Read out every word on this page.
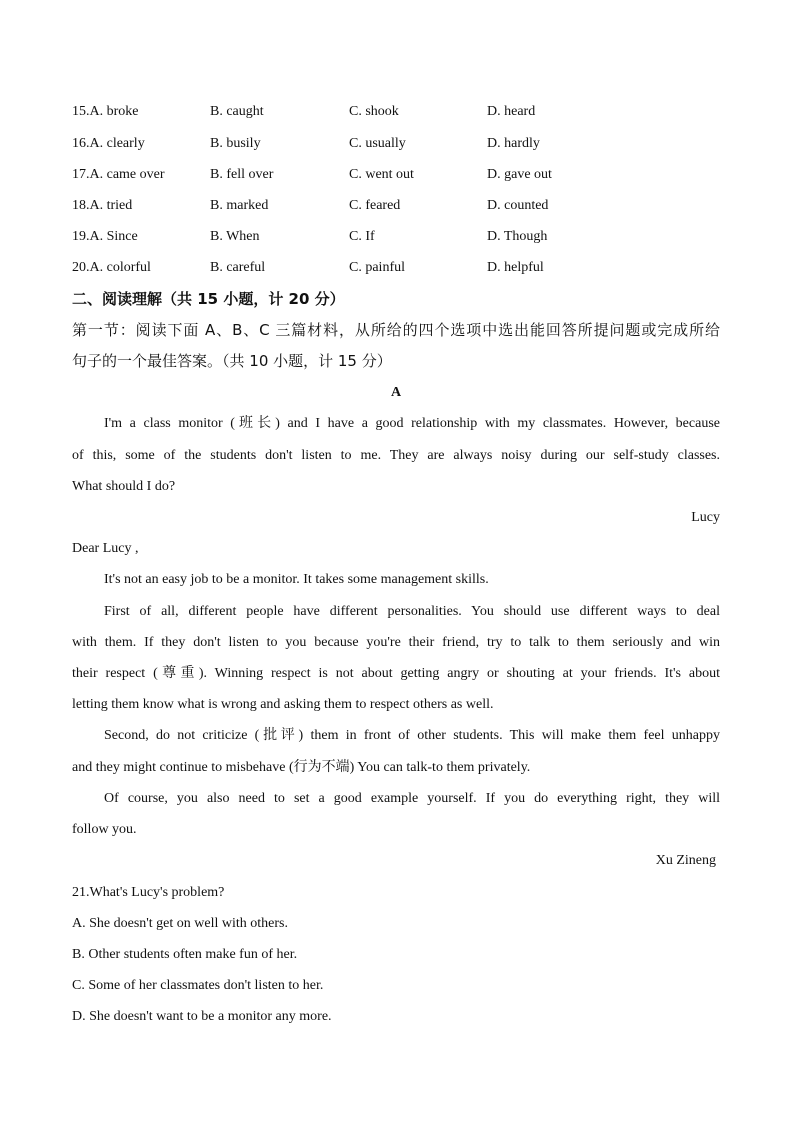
15.A. broke	B. caught	C. shook	D. heard
16.A. clearly	B. busily	C. usually	D. hardly
17.A. came over	B. fell over	C. went out	D. gave out
18.A. tried	B. marked	C. feared	D. counted
19.A. Since	B. When	C. If	D. Though
20.A. colorful	B. careful	C. painful	D. helpful
二、阅读理解（共 15 小题，计 20 分）
第一节：阅读下面 A、B、C 三篇材料，从所给的四个选项中选出能回答所提问题或完成所给
句子的一个最佳答案。（共 10 小题，计 15 分）
A
I'm a class monitor (班长) and I have a good relationship with my classmates. However, because
of this, some of the students don't listen to me. They are always noisy during our self-study classes.
What should I do?
Lucy
Dear Lucy ,
It's not an easy job to be a monitor. It takes some management skills.
First of all, different people have different personalities. You should use different ways to deal
with them. If they don't listen to you because you're their friend, try to talk to them seriously and win
their respect (尊重). Winning respect is not about getting angry or shouting at your friends. It's about
letting them know what is wrong and asking them to respect others as well.
Second, do not criticize (批评) them in front of other students. This will make them feel unhappy
and they might continue to misbehave (行为不端) You can talk-to them privately.
Of course, you also need to set a good example yourself. If you do everything right, they will
follow you.
Xu Zineng
21.What's Lucy's problem?
A. She doesn't get on well with others.
B. Other students often make fun of her.
C. Some of her classmates don't listen to her.
D. She doesn't want to be a monitor any more.
